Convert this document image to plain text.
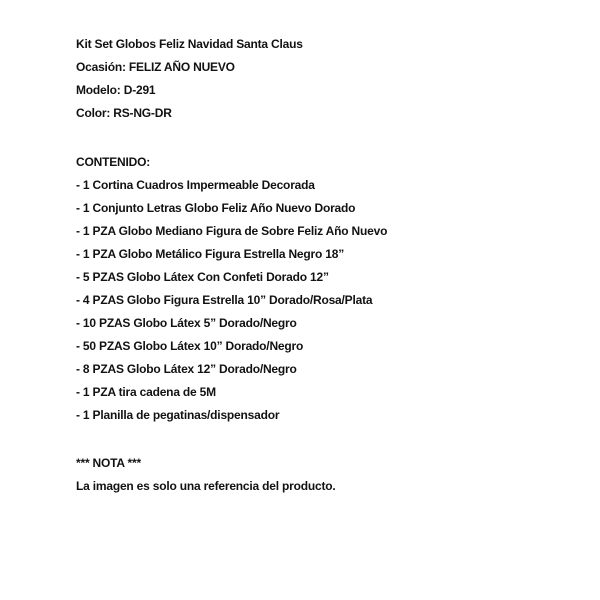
Kit Set Globos Feliz Navidad Santa Claus
Ocasión: FELIZ AÑO NUEVO
Modelo: D-291
Color: RS-NG-DR
CONTENIDO:
- 1 Cortina Cuadros Impermeable Decorada
- 1 Conjunto Letras Globo Feliz Año Nuevo Dorado
- 1 PZA Globo Mediano Figura de Sobre Feliz Año Nuevo
- 1 PZA Globo Metálico Figura Estrella Negro 18”
- 5 PZAS Globo Látex Con Confeti Dorado 12”
- 4 PZAS Globo Figura Estrella 10” Dorado/Rosa/Plata
- 10 PZAS Globo Látex 5” Dorado/Negro
- 50 PZAS Globo Látex 10” Dorado/Negro
- 8 PZAS Globo Látex 12” Dorado/Negro
- 1 PZA tira cadena de 5M
- 1 Planilla de pegatinas/dispensador
*** NOTA ***
La imagen es solo una referencia del producto.
